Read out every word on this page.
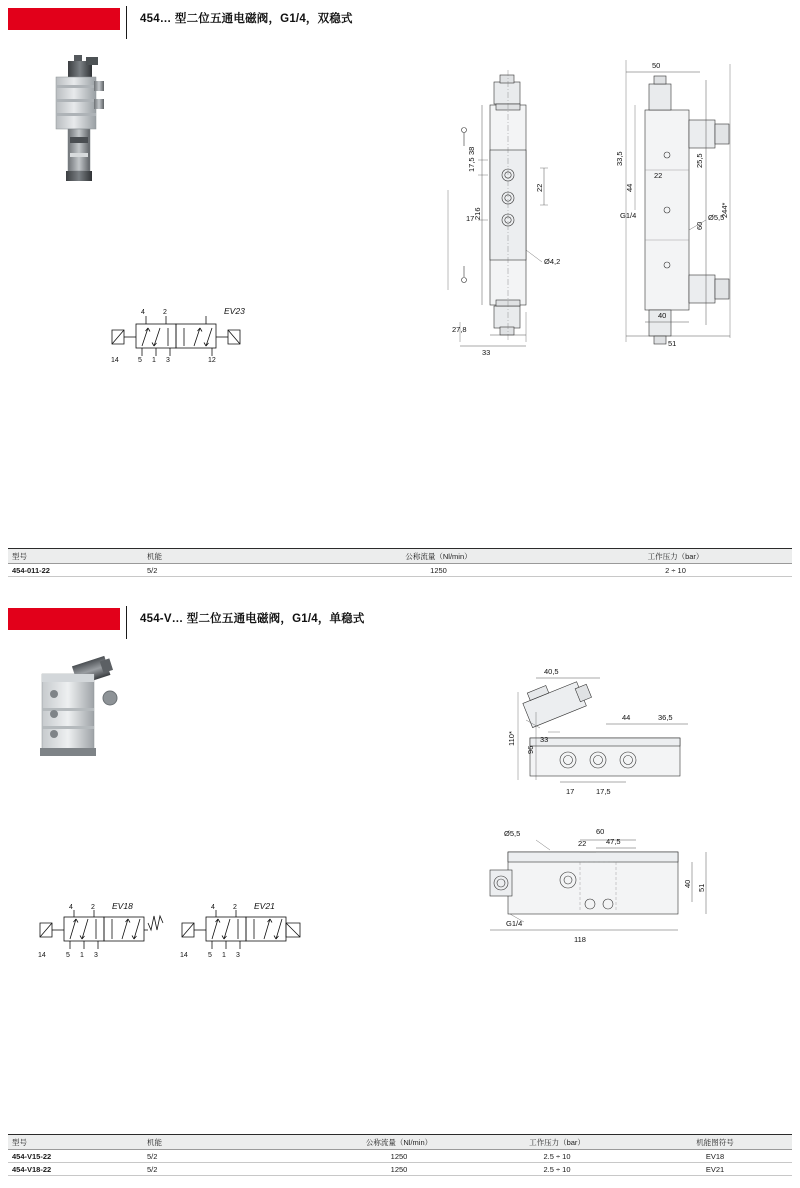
454… 型二位五通电磁阀，G1/4，双稳式
4	2
14	5 1 3	12
EV23
27,8
33
17
17,5
38
22
216
Ø4,2
50
33,5
44
22
25,5
60
244*
40
51
G1/4	Ø5,5
型号	机能	公称流量（Nl/min）	工作压力（bar）
454-011-22	5/2	1250	2 ÷ 10
454-V… 型二位五通电磁阀，G1/4，单稳式
4	2
14	5 1 3
EV18	4	2
14	5 1 3
EV21
40,5
110*
96
33
17	17,5
44	36,5
Ø5,5	60
22	47,5
40 51
118
G1/4
型号	机能	公称流量（Nl/min）	工作压力（bar）	机能图符号
454-V15-22	5/2	1250	2.5 ÷ 10	EV18
454-V18-22	5/2	1250	2.5 ÷ 10	EV21
